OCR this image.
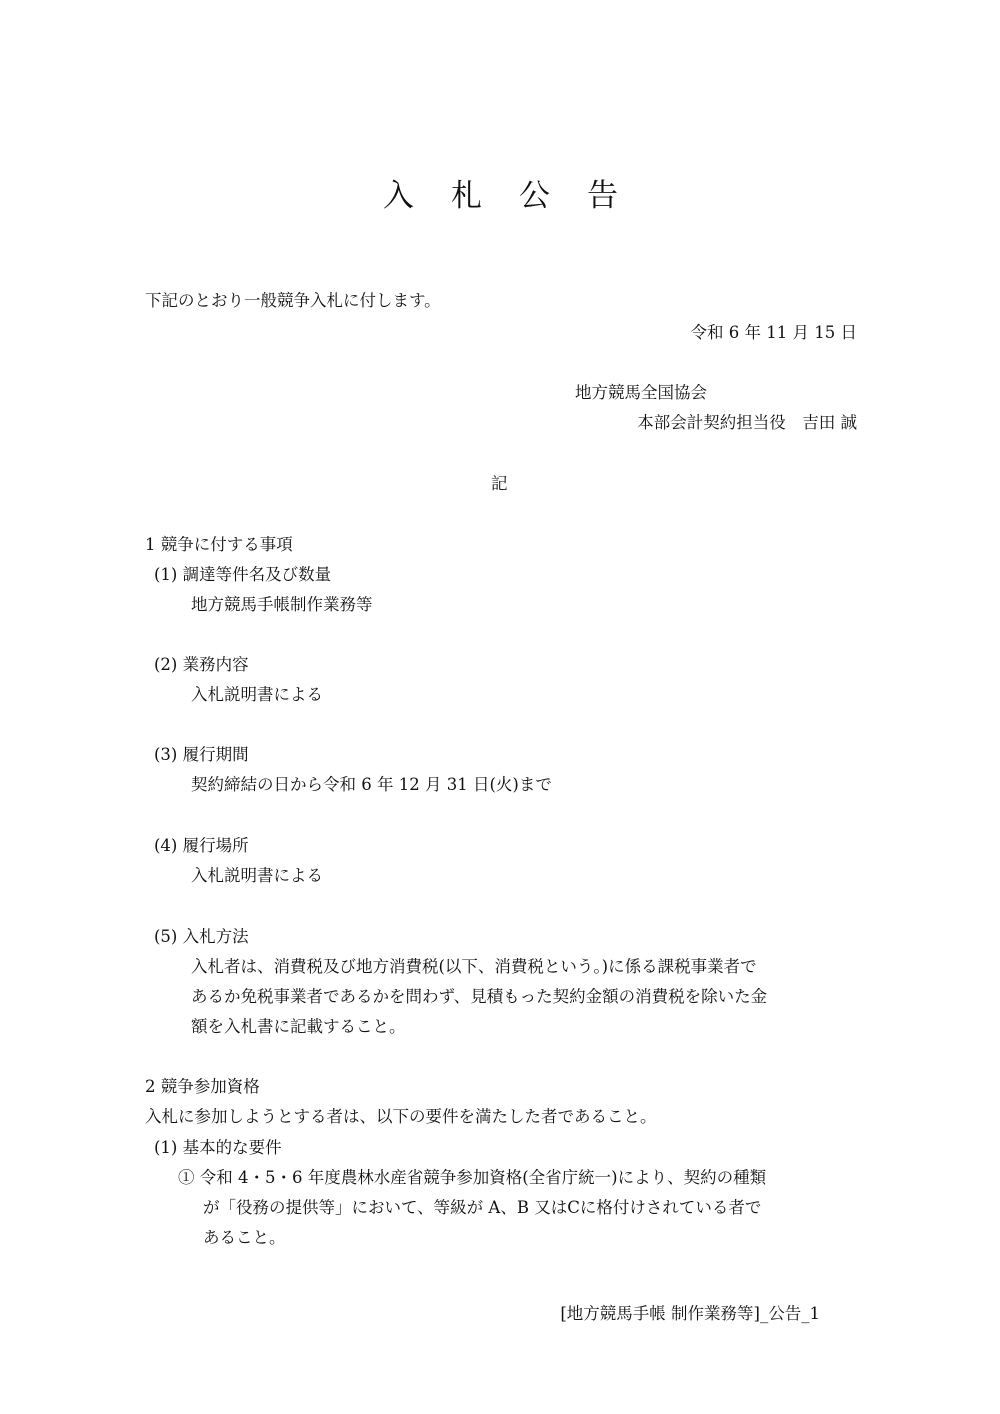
入 札 公 告
下記のとおり一般競争入札に付します。
令和 6 年 11 月 15 日
地方競馬全国協会
本部会計契約担当役　吉田 誠
記
1 競争に付する事項
(1) 調達等件名及び数量
地方競馬手帳制作業務等
(2) 業務内容
入札説明書による
(3) 履行期間
契約締結の日から令和 6 年 12 月 31 日(火)まで
(4) 履行場所
入札説明書による
(5) 入札方法
入札者は、消費税及び地方消費税(以下、消費税という。)に係る課税事業者で
あるか免税事業者であるかを問わず、見積もった契約金額の消費税を除いた金
額を入札書に記載すること。
2 競争参加資格
入札に参加しようとする者は、以下の要件を満たした者であること。
(1) 基本的な要件
① 令和 4・5・6 年度農林水産省競争参加資格(全省庁統一)により、契約の種類
が「役務の提供等」において、等級が A、B 又はCに格付けされている者で
あること。
[地方競馬手帳 制作業務等]_公告_1
